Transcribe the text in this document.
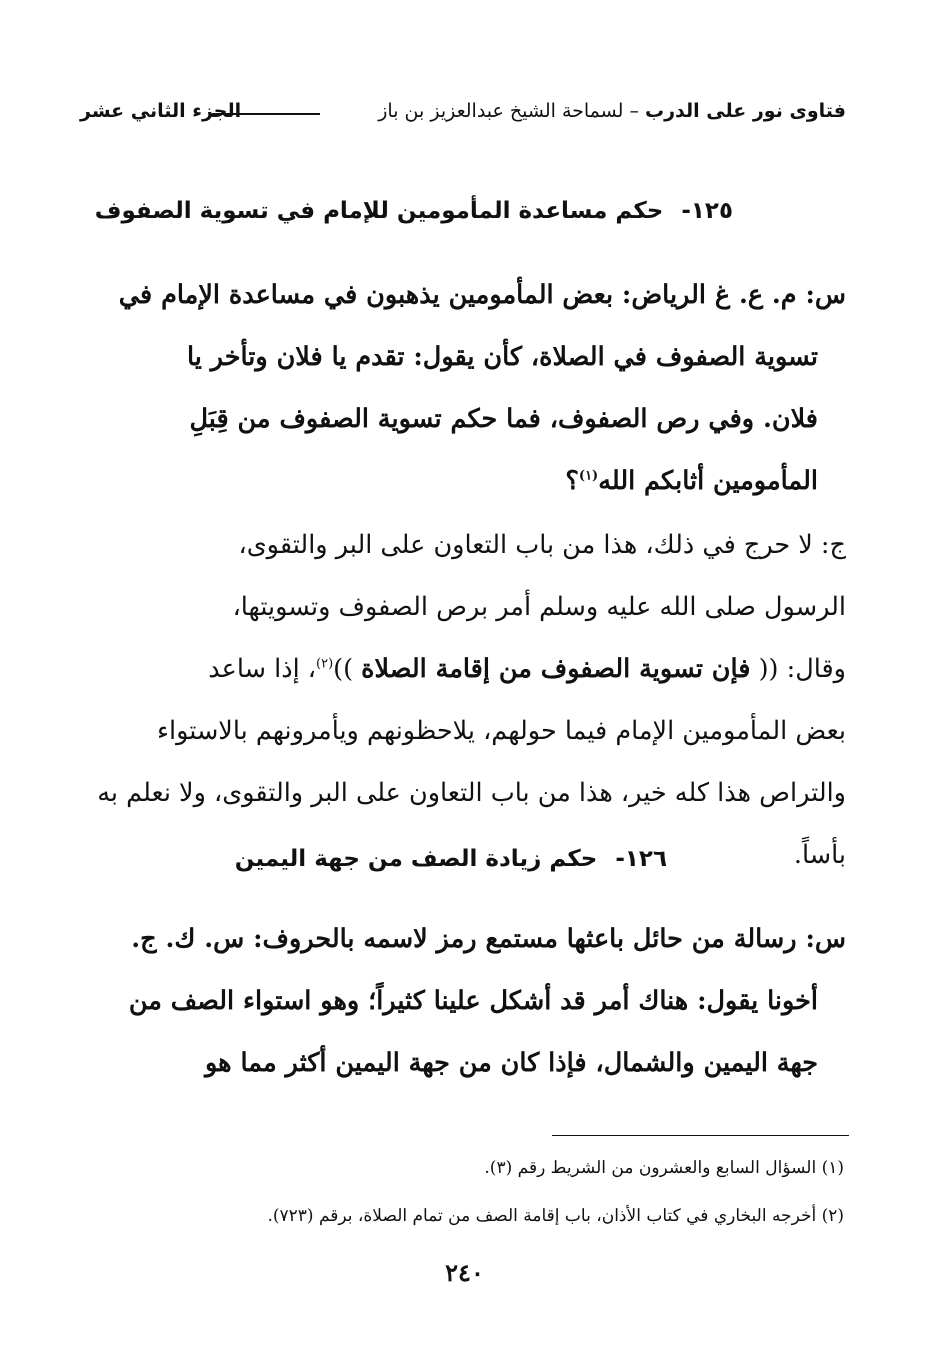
فتاوى نور على الدرب – لسماحة الشيخ عبدالعزيز بن باز
الجزء الثاني عشر
١٢٥-حكم مساعدة المأمومين للإمام في تسوية الصفوف
س: م. ع. غ الرياض: بعض المأمومين يذهبون في مساعدة الإمام في
تسوية الصفوف في الصلاة، كأن يقول: تقدم يا فلان وتأخر يا
فلان. وفي رص الصفوف، فما حكم تسوية الصفوف من قِبَلِ
المأمومين أثابكم الله$^{(١)}$؟
ج: لا حرج في ذلك، هذا من باب التعاون على البر والتقوى،
الرسول صلى الله عليه وسلم أمر برص الصفوف وتسويتها،
وقال: (( فإن تسوية الصفوف من إقامة الصلاة ))$^{(٢)}$، إذا ساعد
بعض المأمومين الإمام فيما حولهم، يلاحظونهم ويأمرونهم بالاستواء
والتراص هذا كله خير، هذا من باب التعاون على البر والتقوى، ولا نعلم به
بأساً.
١٢٦-حكم زيادة الصف من جهة اليمين
س: رسالة من حائل باعثها مستمع رمز لاسمه بالحروف: س. ك. ج.
أخونا يقول: هناك أمر قد أشكل علينا كثيراً؛ وهو استواء الصف من
جهة اليمين والشمال، فإذا كان من جهة اليمين أكثر مما هو
(١) السؤال السابع والعشرون من الشريط رقم (٣).
(٢) أخرجه البخاري في كتاب الأذان، باب إقامة الصف من تمام الصلاة، برقم (٧٢٣).
٢٤٠
